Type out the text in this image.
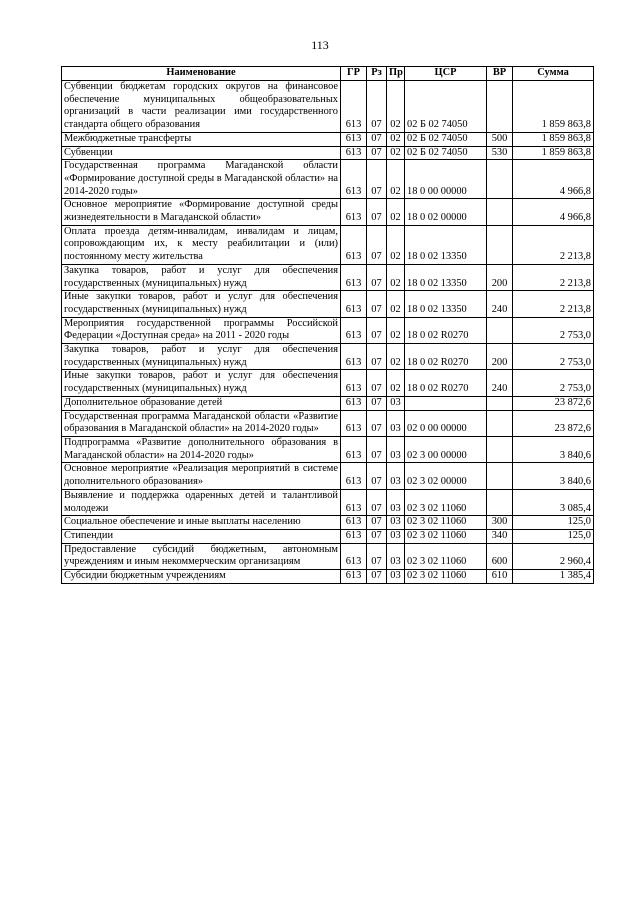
113
Наименование	ГР	Рз	Пр	ЦСР	ВР	Сумма
Субвенции бюджетам городских округов на финансовое обеспечение муниципальных общеобразовательных организаций в части реализации ими государственного стандарта общего образования	613	07	02	02 Б 02 74050		1 859 863,8
Межбюджетные трансферты	613	07	02	02 Б 02 74050	500	1 859 863,8
Субвенции	613	07	02	02 Б 02 74050	530	1 859 863,8
Государственная программа Магаданской области «Формирование доступной среды в Магаданской области» на 2014-2020 годы»	613	07	02	18 0 00 00000		4 966,8
Основное мероприятие «Формирование доступной среды жизнедеятельности в Магаданской области»	613	07	02	18 0 02 00000		4 966,8
Оплата проезда детям-инвалидам, инвалидам и лицам, сопровождающим их, к месту реабилитации и (или) постоянному месту жительства	613	07	02	18 0 02 13350		2 213,8
Закупка товаров, работ и услуг для обеспечения государственных (муниципальных) нужд	613	07	02	18 0 02 13350	200	2 213,8
Иные закупки товаров, работ и услуг для обеспечения государственных (муниципальных) нужд	613	07	02	18 0 02 13350	240	2 213,8
Мероприятия государственной программы Российской Федерации «Доступная среда» на 2011 - 2020 годы	613	07	02	18 0 02 R0270		2 753,0
Закупка товаров, работ и услуг для обеспечения государственных (муниципальных) нужд	613	07	02	18 0 02 R0270	200	2 753,0
Иные закупки товаров, работ и услуг для обеспечения государственных (муниципальных) нужд	613	07	02	18 0 02 R0270	240	2 753,0
Дополнительное образование детей	613	07	03			23 872,6
Государственная программа Магаданской области «Развитие образования в Магаданской области» на 2014-2020 годы»	613	07	03	02 0 00 00000		23 872,6
Подпрограмма «Развитие дополнительного образования в Магаданской области» на 2014-2020 годы»	613	07	03	02 3 00 00000		3 840,6
Основное мероприятие «Реализация мероприятий в системе дополнительного образования»	613	07	03	02 3 02 00000		3 840,6
Выявление и поддержка одаренных детей и талантливой молодежи	613	07	03	02 3 02 11060		3 085,4
Социальное обеспечение и иные выплаты населению	613	07	03	02 3 02 11060	300	125,0
Стипендии	613	07	03	02 3 02 11060	340	125,0
Предоставление субсидий бюджетным, автономным учреждениям и иным некоммерческим организациям	613	07	03	02 3 02 11060	600	2 960,4
Субсидии бюджетным учреждениям	613	07	03	02 3 02 11060	610	1 385,4
